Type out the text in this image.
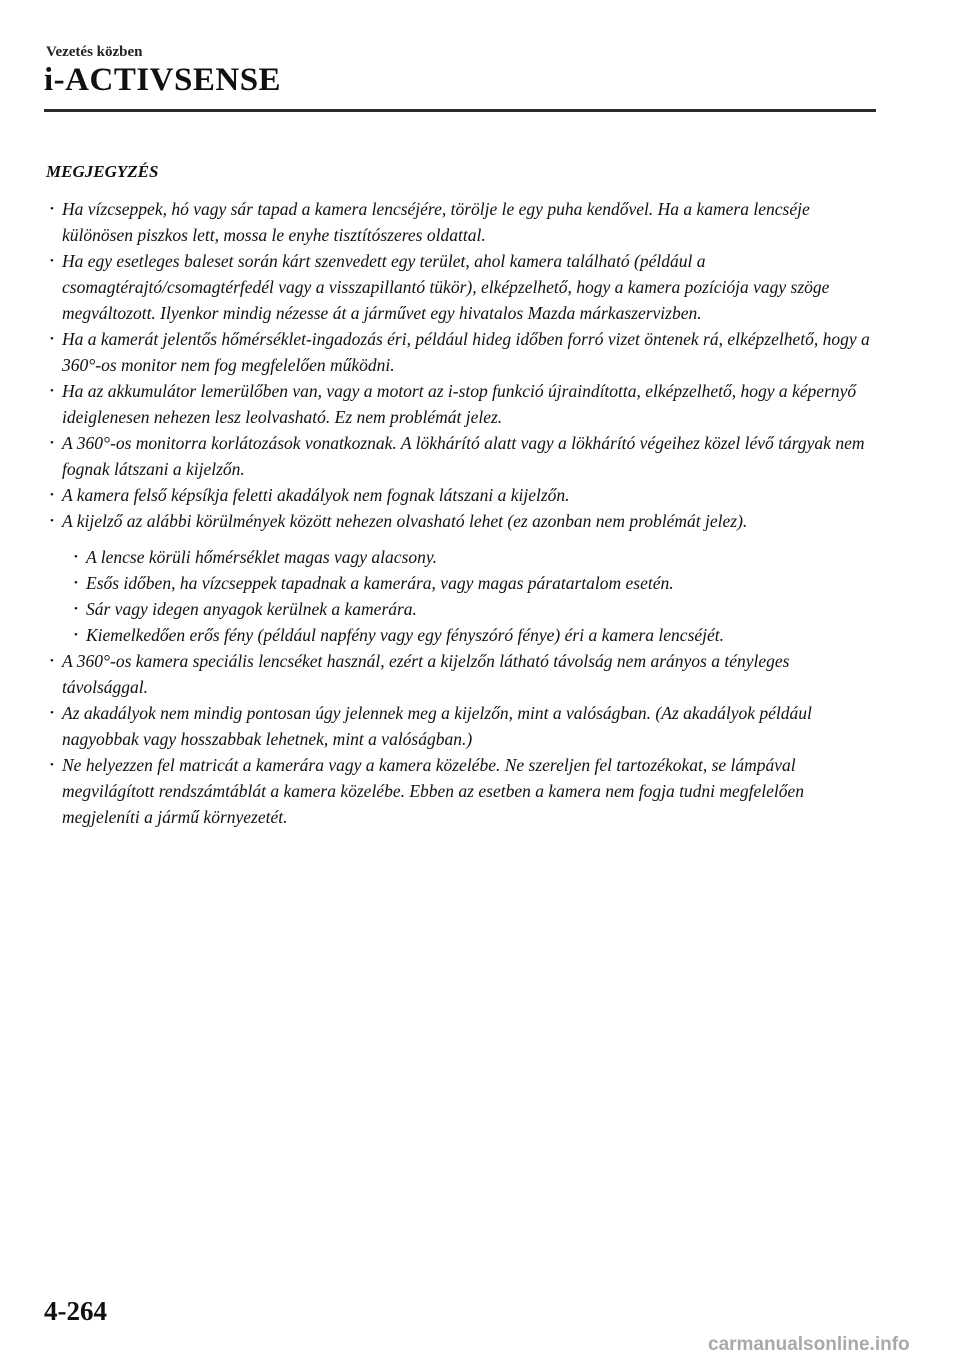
Vezetés közben
i-ACTIVSENSE
MEGJEGYZÉS
• Ha vízcseppek, hó vagy sár tapad a kamera lencséjére, törölje le egy puha kendővel. Ha a kamera lencséje különösen piszkos lett, mossa le enyhe tisztítószeres oldattal.
• Ha egy esetleges baleset során kárt szenvedett egy terület, ahol kamera található (például a csomagtérajtó/csomagtérfedél vagy a visszapillantó tükör), elképzelhető, hogy a kamera pozíciója vagy szöge megváltozott. Ilyenkor mindig nézesse át a járművet egy hivatalos Mazda márkaszervizben.
• Ha a kamerát jelentős hőmérséklet-ingadozás éri, például hideg időben forró vizet öntenek rá, elképzelhető, hogy a 360°-os monitor nem fog megfelelően működni.
• Ha az akkumulátor lemerülőben van, vagy a motort az i-stop funkció újraindította, elképzelhető, hogy a képernyő ideiglenesen nehezen lesz leolvasható. Ez nem problémát jelez.
• A 360°-os monitorra korlátozások vonatkoznak. A lökhárító alatt vagy a lökhárító végeihez közel lévő tárgyak nem fognak látszani a kijelzőn.
• A kamera felső képsíkja feletti akadályok nem fognak látszani a kijelzőn.
• A kijelző az alábbi körülmények között nehezen olvasható lehet (ez azonban nem problémát jelez).
• A lencse körüli hőmérséklet magas vagy alacsony.
• Esős időben, ha vízcseppek tapadnak a kamerára, vagy magas páratartalom esetén.
• Sár vagy idegen anyagok kerülnek a kamerára.
• Kiemelkedően erős fény (például napfény vagy egy fényszóró fénye) éri a kamera lencséjét.
• A 360°-os kamera speciális lencséket használ, ezért a kijelzőn látható távolság nem arányos a tényleges távolsággal.
• Az akadályok nem mindig pontosan úgy jelennek meg a kijelzőn, mint a valóságban. (Az akadályok például nagyobbak vagy hosszabbak lehetnek, mint a valóságban.)
• Ne helyezzen fel matricát a kamerára vagy a kamera közelébe. Ne szereljen fel tartozékokat, se lámpával megvilágított rendszámtáblát a kamera közelébe. Ebben az esetben a kamera nem fogja tudni megfelelően megjeleníti a jármű környezetét.
4-264
carmanualsonline.info
